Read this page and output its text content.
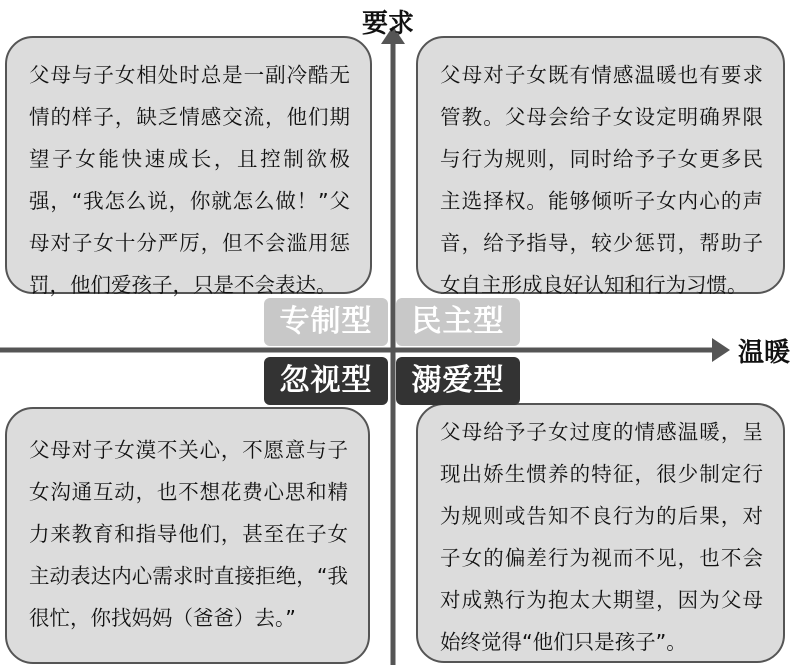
要求
温暖
父母与子女相处时总是一副冷酷无情的样子，缺乏情感交流，他们期望子女能快速成长，且控制欲极强，“我怎么说，你就怎么做！”父 母对子女十分严厉，但不会滥用惩罚，他们爱孩子，只是不会表达。
父母对子女既有情感温暖也有要求管教。父母会给子女设定明确界限与行为规则，同时给予子女更多民主选择权。能够倾听子女内心的声音，给予指导，较少惩罚，帮助子女自主形成良好认知和行为习惯。
父母对子女漠不关心，不愿意与子女沟通互动，也不想花费心思和精力来教育和指导他们，甚至在子女主动表达内心需求时直接拒绝，“我很忙，你找妈妈（爸爸）去。”
父母给予子女过度的情感温暖，呈现出娇生惯养的特征，很少制定行为规则或告知不良行为的后果，对子女的偏差行为视而不见，也不会对成熟行为抱太大期望，因为父母始终觉得“他们只是孩子”。
专制型	民主型
忽视型	溺爱型
